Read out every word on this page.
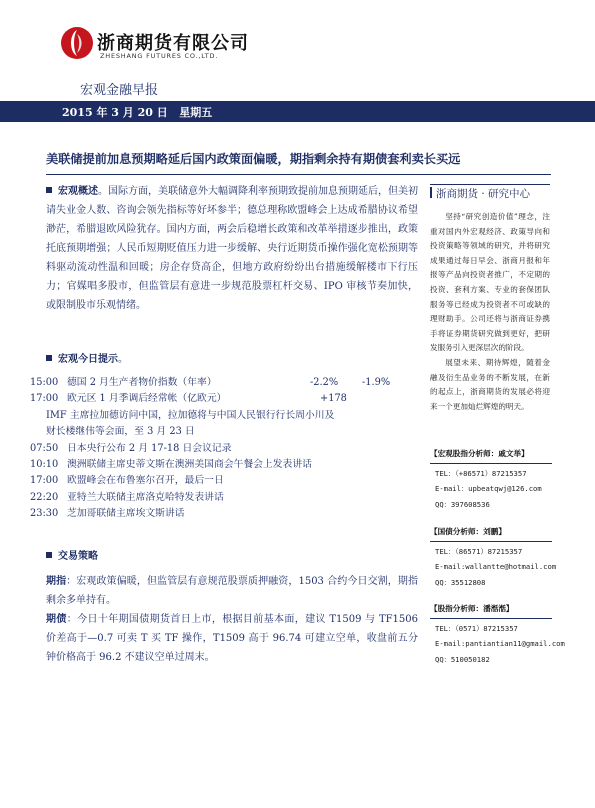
浙商期货有限公司
ZHESHANG FUTURES CO.,LTD.
宏观金融早报
2015 年 3 月 20 日 星期五
美联储提前加息预期略延后国内政策面偏暖，期指剩余持有期债套利卖长买远
宏观概述。国际方面，美联储意外大幅调降利率预期致提前加息预期延后，但美初请失业金人数、咨询会领先指标等好坏参半；德总理称欧盟峰会上达成希腊协议希望渺茫，希腊退欧风险犹存。国内方面，两会后稳增长政策和改革举措逐步推出，政策托底预期增强；人民币短期贬值压力进一步缓解、央行近期货币操作强化宽松预期等料驱动流动性温和回暖；房企存贷高企，但地方政府纷纷出台措施缓解楼市下行压力；官媒唱多股市，但监管层有意进一步规范股票杠杆交易、IPO 审核节奏加快，或限制股市乐观情绪。
宏观今日提示。
15:00 德国 2 月生产者物价指数（年率）	-2.2% -1.9%
17:00 欧元区 1 月季调后经常帐（亿欧元）	+178
IMF 主席拉加德访问中国，拉加德将与中国人民银行行长周小川及
财长楼继伟等会面，至 3 月 23 日
07:50 日本央行公布 2 月 17-18 日会议记录
10:10 澳洲联储主席史蒂文斯在澳洲美国商会午餐会上发表讲话
17:00 欧盟峰会在布鲁塞尔召开，最后一日
22:20 亚特兰大联储主席洛克哈特发表讲话
23:30 芝加哥联储主席埃文斯讲话
交易策略
期指：宏观政策偏暖，但监管层有意规范股票质押融资，1503 合约今日交割，期指剩余多单持有。
期债：今日十年期国债期货首日上市，根据目前基本面，建议 T1509 与 TF1506 价差高于—0.7 可卖 T 买 TF 操作，T1509 高于 96.74 可建立空单，收盘前五分钟价格高于 96.2 不建议空单过周末。
浙商期货 · 研究中心

坚持“研究创造价值”理念，注重对国内外宏观经济、政策导向和投资策略等领域的研究，并将研究成果通过每日早会、浙商月报和年报等产品向投资者推广，不定期的投资、套利方案、专业的套保团队服务等已经成为投资者不可或缺的理财助手。公司还将与浙商证券携手将证券期货研究做到更好，把研发服务引入更深层次的阶段。

展望未来、期待辉煌，随着金融及衍生品业务的不断发展，在新的起点上，浙商期货的发展必将迎来一个更加灿烂辉煌的明天。

【宏观股指分析师：戚文举】
TEL：（+86571）87215357
E-mail：upbeatqwj@126.com
QQ：397608536
【国债分析师：刘鹏】
TEL：（86571）87215357
E-mail:wallantte@hotmail.com
QQ：35512808
【股指分析师：潘湉湉】
TEL：（0571）87215357
E-mail:pantiantian11@gmail.com
QQ：510050182
